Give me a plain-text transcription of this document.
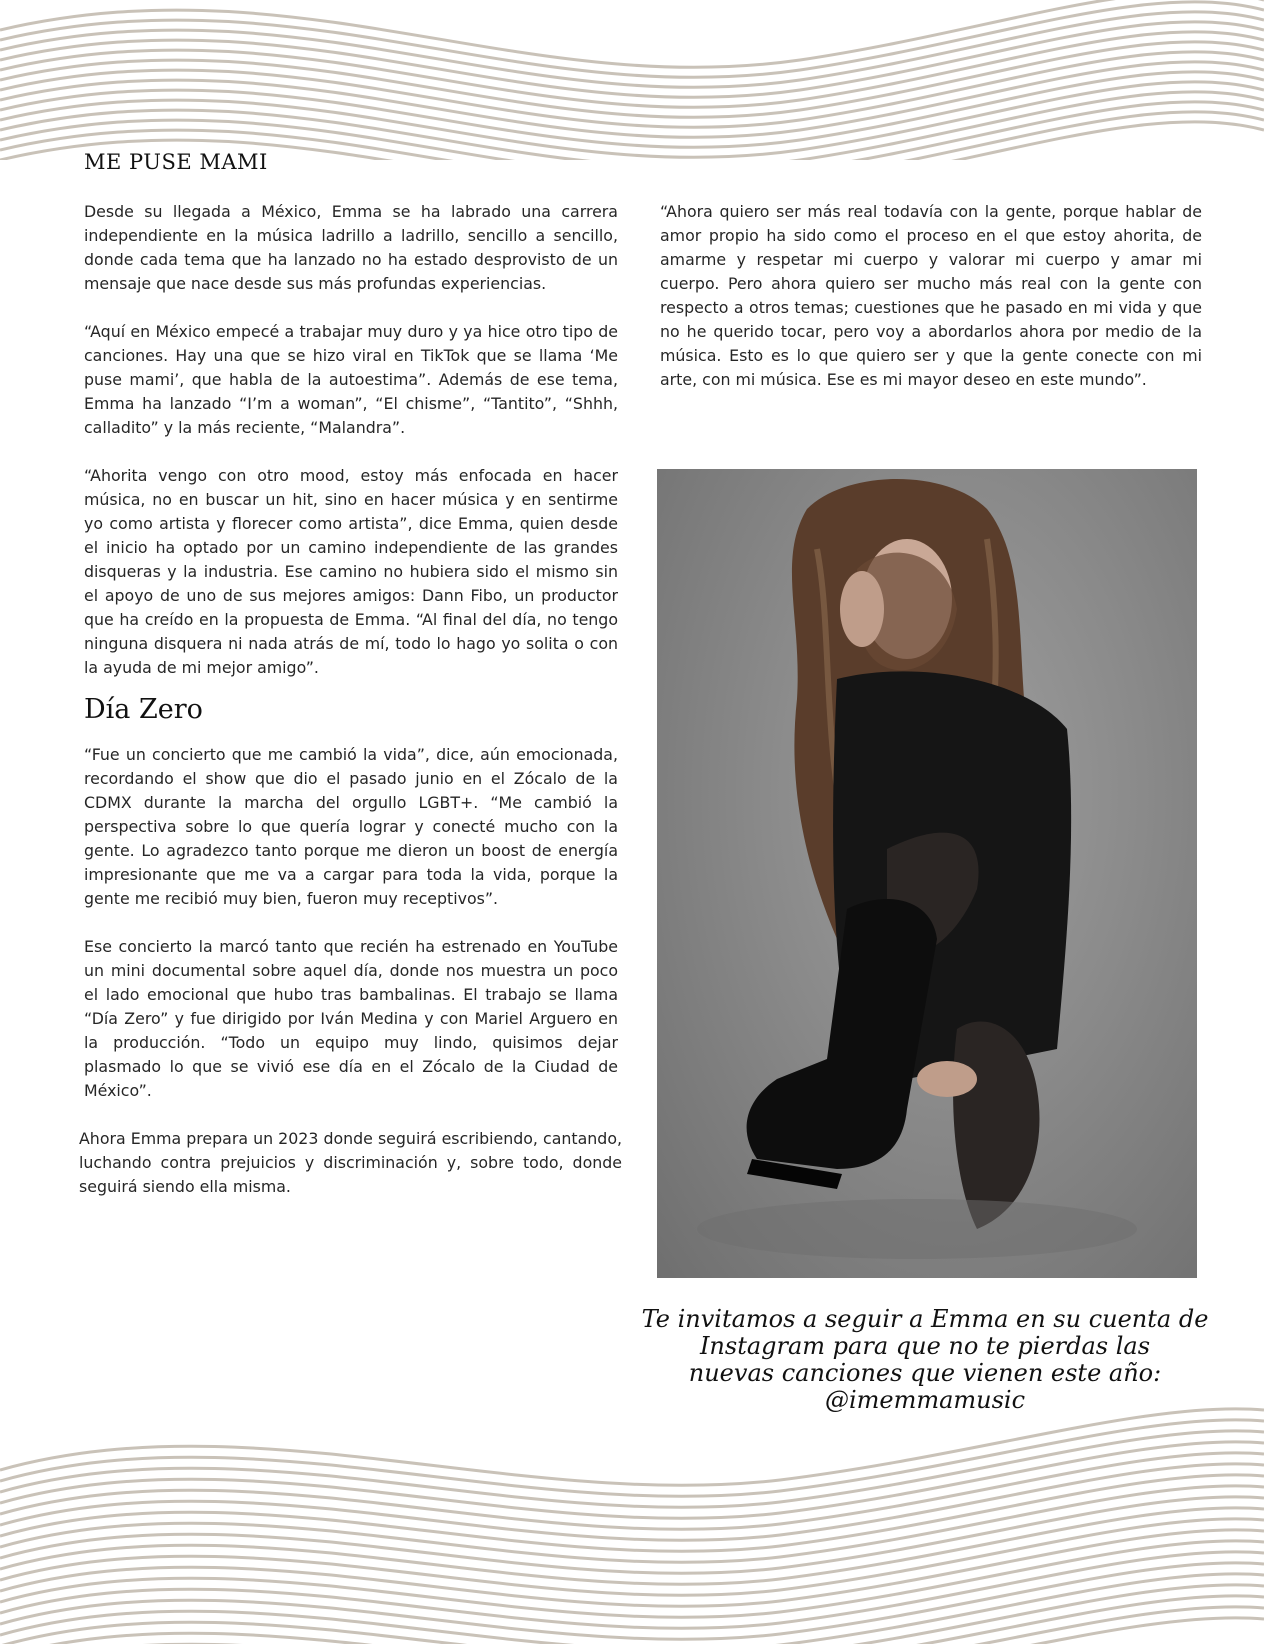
ME PUSE MAMI

Desde su llegada a México, Emma se ha labrado una carrera independiente en la música ladrillo a ladrillo, sencillo a sencillo, donde cada tema que ha lanzado no ha estado desprovisto de un mensaje que nace desde sus más profundas experiencias.

“Aquí en México empecé a trabajar muy duro y ya hice otro tipo de canciones. Hay una que se hizo viral en TikTok que se llama ‘Me puse mami’, que habla de la autoestima”. Además de ese tema, Emma ha lanzado “I’m a woman”, “El chisme”, “Tantito”, “Shhh, calladito” y la más reciente, “Malandra”.

“Ahorita vengo con otro mood, estoy más enfocada en hacer música, no en buscar un hit, sino en hacer música y en sentirme yo como artista y florecer como artista”, dice Emma, quien desde el inicio ha optado por un camino independiente de las grandes disqueras y la industria. Ese camino no hubiera sido el mismo sin el apoyo de uno de sus mejores amigos: Dann Fibo, un productor que ha creído en la propuesta de Emma. “Al final del día, no tengo ninguna disquera ni nada atrás de mí, todo lo hago yo solita o con la ayuda de mi mejor amigo”.

Día Zero

“Fue un concierto que me cambió la vida”, dice, aún emocionada, recordando el show que dio el pasado junio en el Zócalo de la CDMX durante la marcha del orgullo LGBT+. “Me cambió la perspectiva sobre lo que quería lograr y conecté mucho con la gente. Lo agradezco tanto porque me dieron un boost de energía impresionante que me va a cargar para toda la vida, porque la gente me recibió muy bien, fueron muy receptivos”.

Ese concierto la marcó tanto que recién ha estrenado en YouTube un mini documental sobre aquel día, donde nos muestra un poco el lado emocional que hubo tras bambalinas. El trabajo se llama “Día Zero” y fue dirigido por Iván Medina y con Mariel Arguero en la producción. “Todo un equipo muy lindo, quisimos dejar plasmado lo que se vivió ese día en el Zócalo de la Ciudad de México”.

Ahora Emma prepara un 2023 donde seguirá escribiendo, cantando, luchando contra prejuicios y discriminación y, sobre todo, donde seguirá siendo ella misma.

“Ahora quiero ser más real todavía con la gente, porque hablar de amor propio ha sido como el proceso en el que estoy ahorita, de amarme y respetar mi cuerpo y valorar mi cuerpo y amar mi cuerpo. Pero ahora quiero ser mucho más real con la gente con respecto a otros temas; cuestiones que he pasado en mi vida y que no he querido tocar, pero voy a abordarlos ahora por medio de la música. Esto es lo que quiero ser y que la gente conecte con mi arte, con mi música. Ese es mi mayor deseo en este mundo”.

Te invitamos a seguir a Emma en su cuenta de
Instagram para que no te pierdas las
nuevas canciones que vienen este año: @imemmamusic
